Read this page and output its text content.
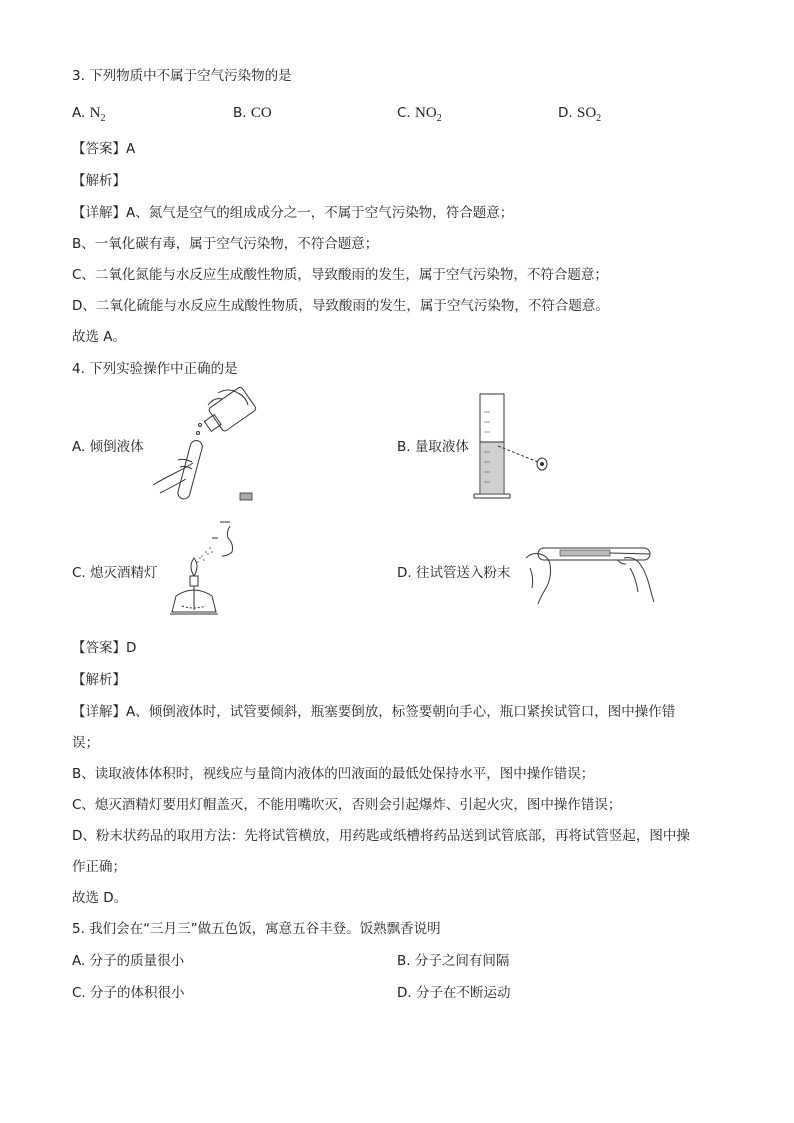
3. 下列物质中不属于空气污染物的是
A. $N_2$	B. CO	C. $NO_2$	D. $SO_2$
【答案】A
【解析】
【详解】A、氮气是空气的组成成分之一，不属于空气污染物，符合题意；
B、一氧化碳有毒，属于空气污染物，不符合题意；
C、二氧化氮能与水反应生成酸性物质，导致酸雨的发生，属于空气污染物，不符合题意；
D、二氧化硫能与水反应生成酸性物质，导致酸雨的发生，属于空气污染物，不符合题意。
故选 A。
4. 下列实验操作中正确的是
A. 倾倒液体	B. 量取液体
C. 熄灭酒精灯	D. 往试管送入粉末
【答案】D
【解析】
【详解】A、倾倒液体时，试管要倾斜，瓶塞要倒放，标签要朝向手心，瓶口紧挨试管口，图中操作错
误；
B、读取液体体积时，视线应与量筒内液体的凹液面的最低处保持水平，图中操作错误；
C、熄灭酒精灯要用灯帽盖灭，不能用嘴吹灭，否则会引起爆炸、引起火灾，图中操作错误；
D、粉末状药品的取用方法：先将试管横放，用药匙或纸槽将药品送到试管底部，再将试管竖起，图中操
作正确；
故选 D。
5. 我们会在“三月三”做五色饭，寓意五谷丰登。饭熟飘香说明
A. 分子的质量很小	B. 分子之间有间隔
C. 分子的体积很小	D. 分子在不断运动
